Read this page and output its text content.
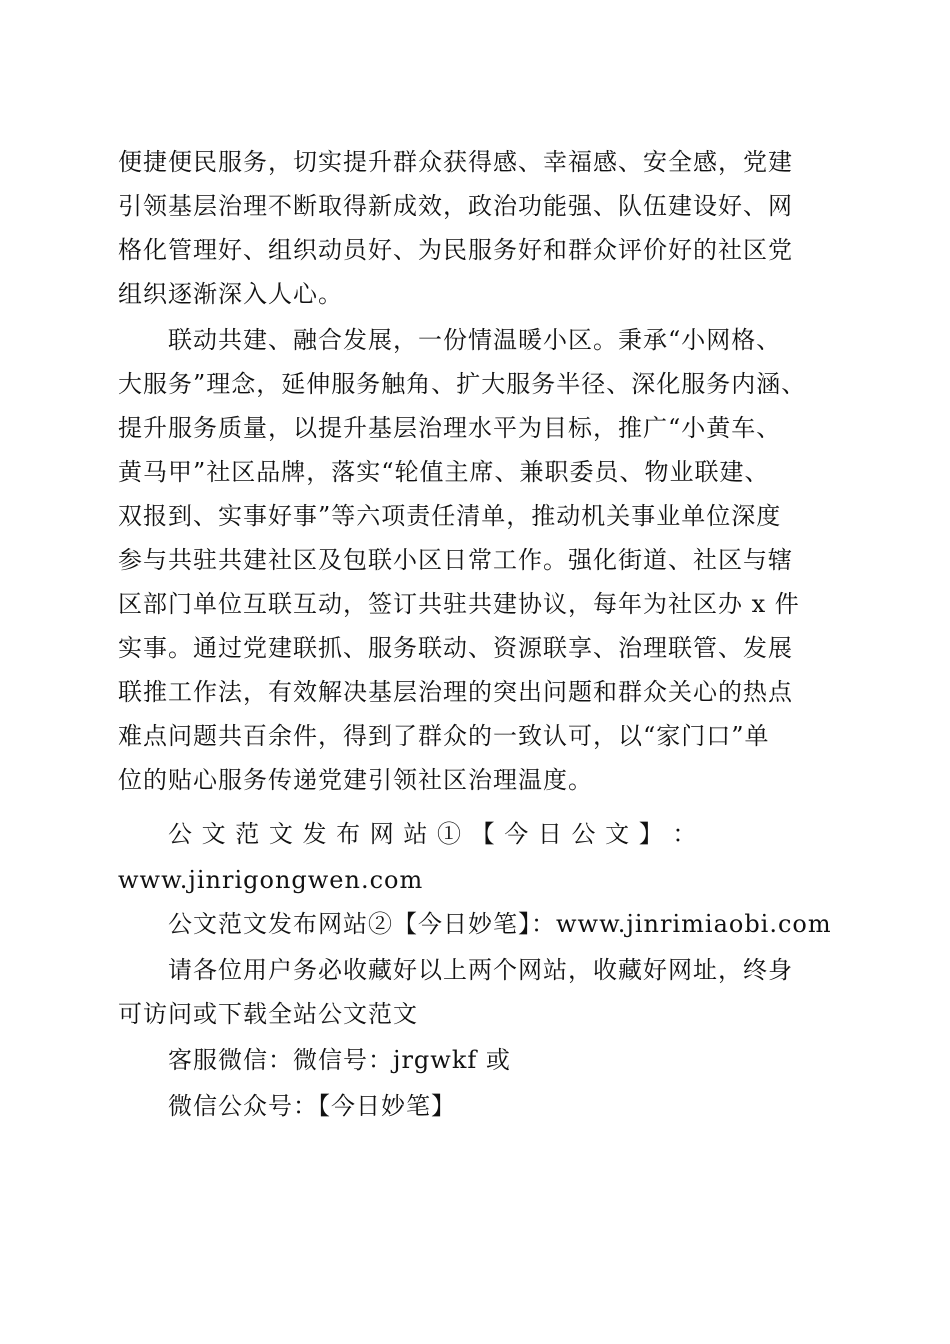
便捷便民服务，切实提升群众获得感、幸福感、安全感，党建
引领基层治理不断取得新成效，政治功能强、队伍建设好、网
格化管理好、组织动员好、为民服务好和群众评价好的社区党
组织逐渐深入人心。
联动共建、融合发展，一份情温暖小区。秉承“小网格、
大服务”理念，延伸服务触角、扩大服务半径、深化服务内涵、
提升服务质量，以提升基层治理水平为目标，推广“小黄车、
黄马甲”社区品牌，落实“轮值主席、兼职委员、物业联建、
双报到、实事好事”等六项责任清单，推动机关事业单位深度
参与共驻共建社区及包联小区日常工作。强化街道、社区与辖
区部门单位互联互动，签订共驻共建协议，每年为社区办 x 件
实事。通过党建联抓、服务联动、资源联享、治理联管、发展
联推工作法，有效解决基层治理的突出问题和群众关心的热点
难点问题共百余件，得到了群众的一致认可，以“家门口”单
位的贴心服务传递党建引领社区治理温度。
公 文 范 文 发 布 网 站 ① 【 今 日 公 文 】 ：
www.jinrigongwen.com
公文范文发布网站②【今日妙笔】：www.jinrimiaobi.com
请各位用户务必收藏好以上两个网站，收藏好网址，终身
可访问或下载全站公文范文
客服微信：微信号：jrgwkf 或
微信公众号：【今日妙笔】
